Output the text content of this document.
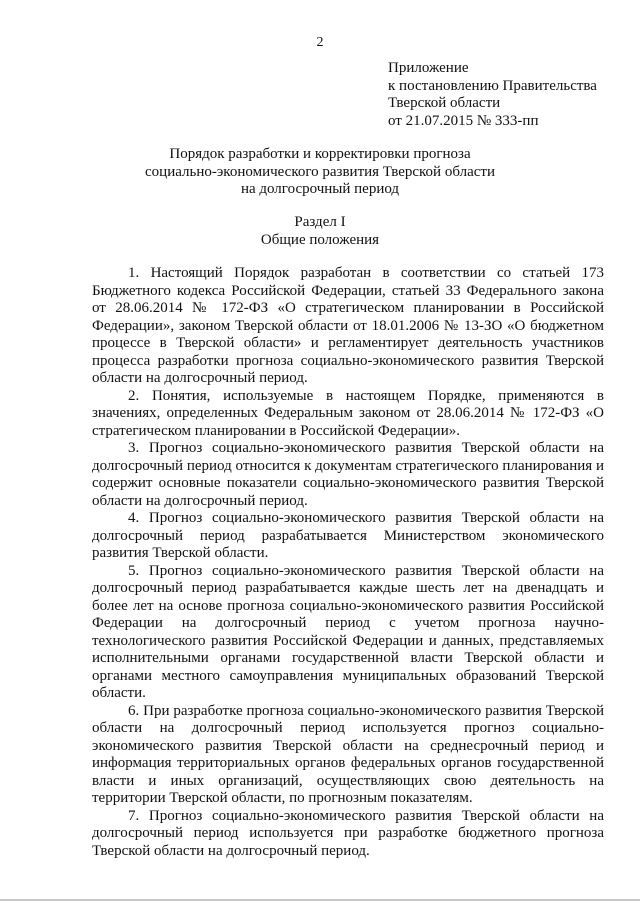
2
Приложение
к постановлению Правительства
Тверской области
от 21.07.2015 № 333-пп
Порядок разработки и корректировки прогноза
социально-экономического развития Тверской области
на долгосрочный период
Раздел I
Общие положения

1. Настоящий Порядок разработан в соответствии со статьей 173 Бюджетного кодекса Российской Федерации, статьей 33 Федерального закона от 28.06.2014 № 172-ФЗ «О стратегическом планировании в Российской Федерации», законом Тверской области от 18.01.2006 № 13-ЗО «О бюджетном процессе в Тверской области» и регламентирует деятельность участников процесса разработки прогноза социально-экономического развития Тверской области на долгосрочный период.

2. Понятия, используемые в настоящем Порядке, применяются в значениях, определенных Федеральным законом от 28.06.2014 № 172-ФЗ «О стратегическом планировании в Российской Федерации».

3. Прогноз социально-экономического развития Тверской области на долгосрочный период относится к документам стратегического планирования и содержит основные показатели социально-экономического развития Тверской области на долгосрочный период.

4. Прогноз социально-экономического развития Тверской области на долгосрочный период разрабатывается Министерством экономического развития Тверской области.

5. Прогноз социально-экономического развития Тверской области на долгосрочный период разрабатывается каждые шесть лет на двенадцать и более лет на основе прогноза социально-экономического развития Российской Федерации на долгосрочный период с учетом прогноза научно-технологического развития Российской Федерации и данных, представляемых исполнительными органами государственной власти Тверской области и органами местного самоуправления муниципальных образований Тверской области.

6. При разработке прогноза социально-экономического развития Тверской области на долгосрочный период используется прогноз социально-экономического развития Тверской области на среднесрочный период и информация территориальных органов федеральных органов государственной власти и иных организаций, осуществляющих свою деятельность на территории Тверской области, по прогнозным показателям.

7. Прогноз социально-экономического развития Тверской области на долгосрочный период используется при разработке бюджетного прогноза Тверской области на долгосрочный период.
